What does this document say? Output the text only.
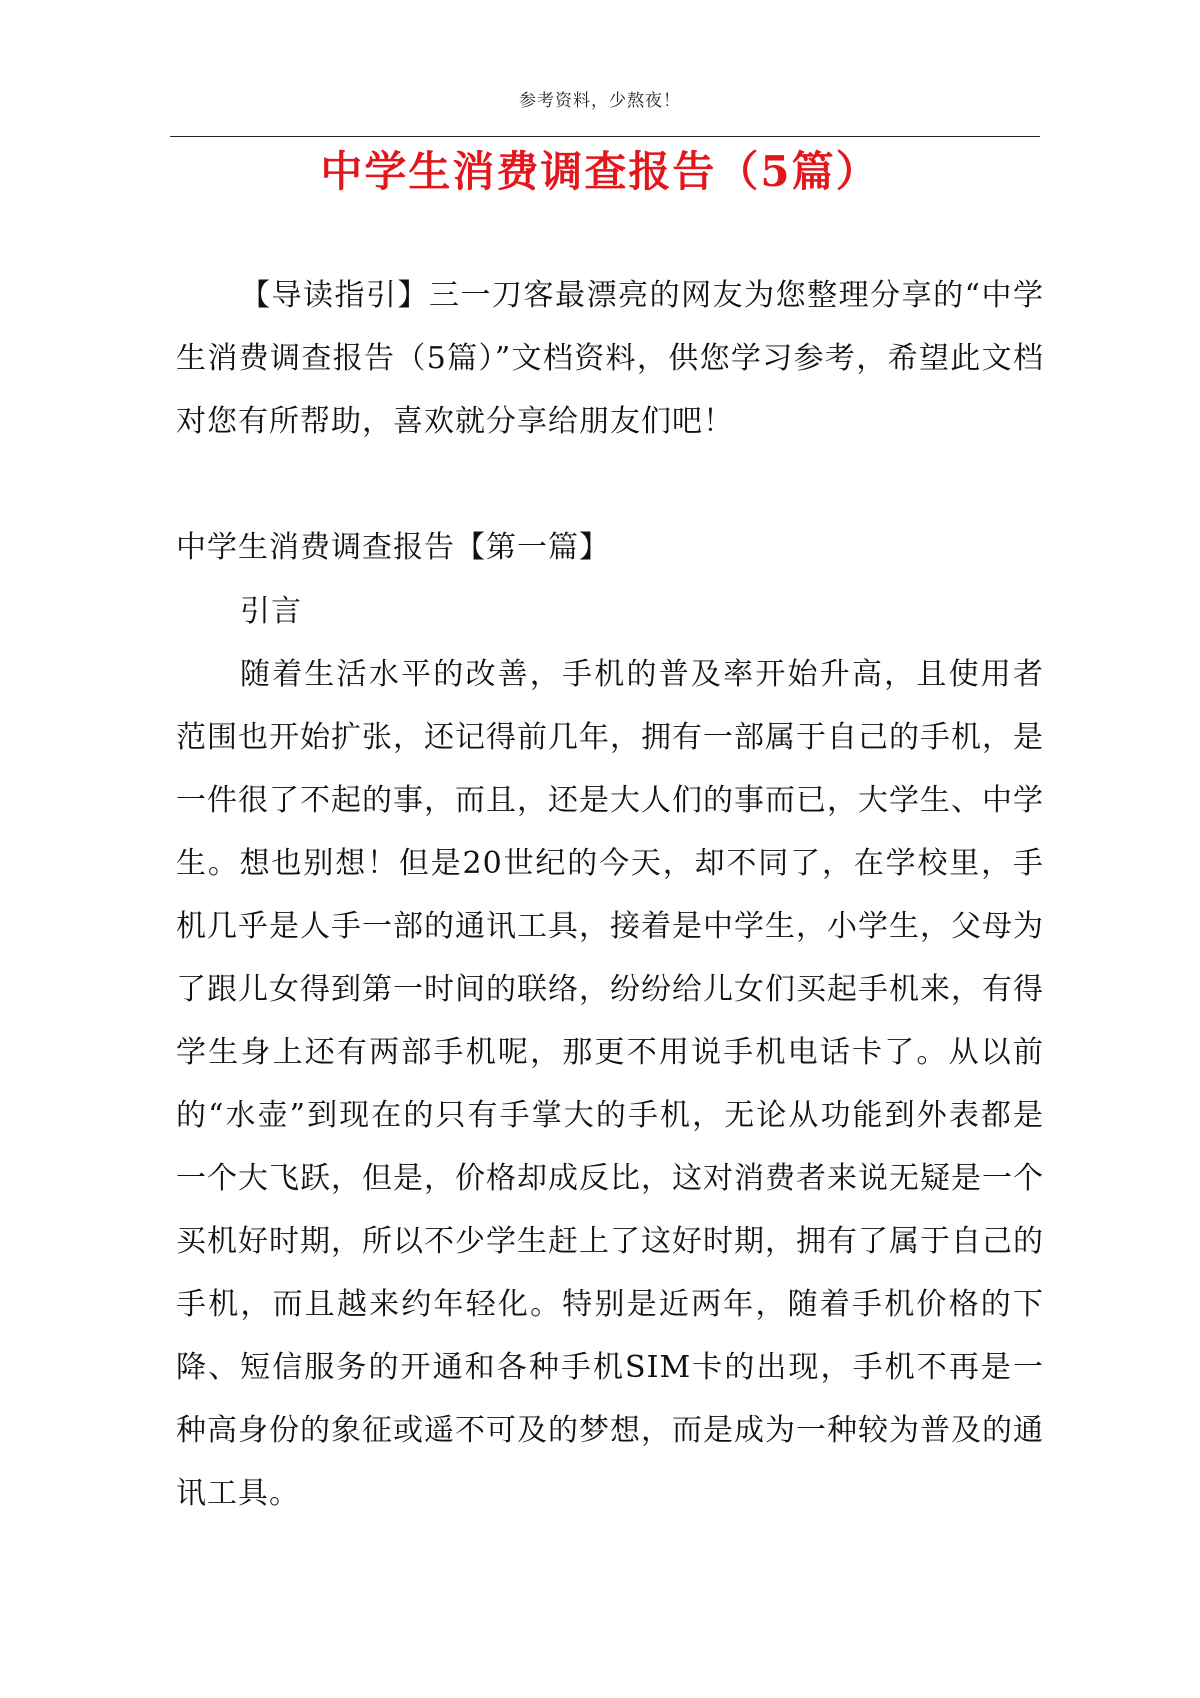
参考资料，少熬夜！
中学生消费调查报告（5篇）

【导读指引】三一刀客最漂亮的网友为您整理分享的“中学生消费调查报告（5篇）”文档资料，供您学习参考，希望此文档对您有所帮助，喜欢就分享给朋友们吧！

中学生消费调查报告【第一篇】
引言

随着生活水平的改善，手机的普及率开始升高，且使用者范围也开始扩张，还记得前几年，拥有一部属于自己的手机，是一件很了不起的事，而且，还是大人们的事而已，大学生、中学生。想也别想！但是20世纪的今天，却不同了，在学校里，手机几乎是人手一部的通讯工具，接着是中学生，小学生，父母为了跟儿女得到第一时间的联络，纷纷给儿女们买起手机来，有得学生身上还有两部手机呢，那更不用说手机电话卡了。从以前的“水壶”到现在的只有手掌大的手机，无论从功能到外表都是一个大飞跃，但是，价格却成反比，这对消费者来说无疑是一个买机好时期，所以不少学生赶上了这好时期，拥有了属于自己的手机，而且越来约年轻化。特别是近两年，随着手机价格的下降、短信服务的开通和各种手机SIM卡的出现，手机不再是一种高身份的象征或遥不可及的梦想，而是成为一种较为普及的通讯工具。
